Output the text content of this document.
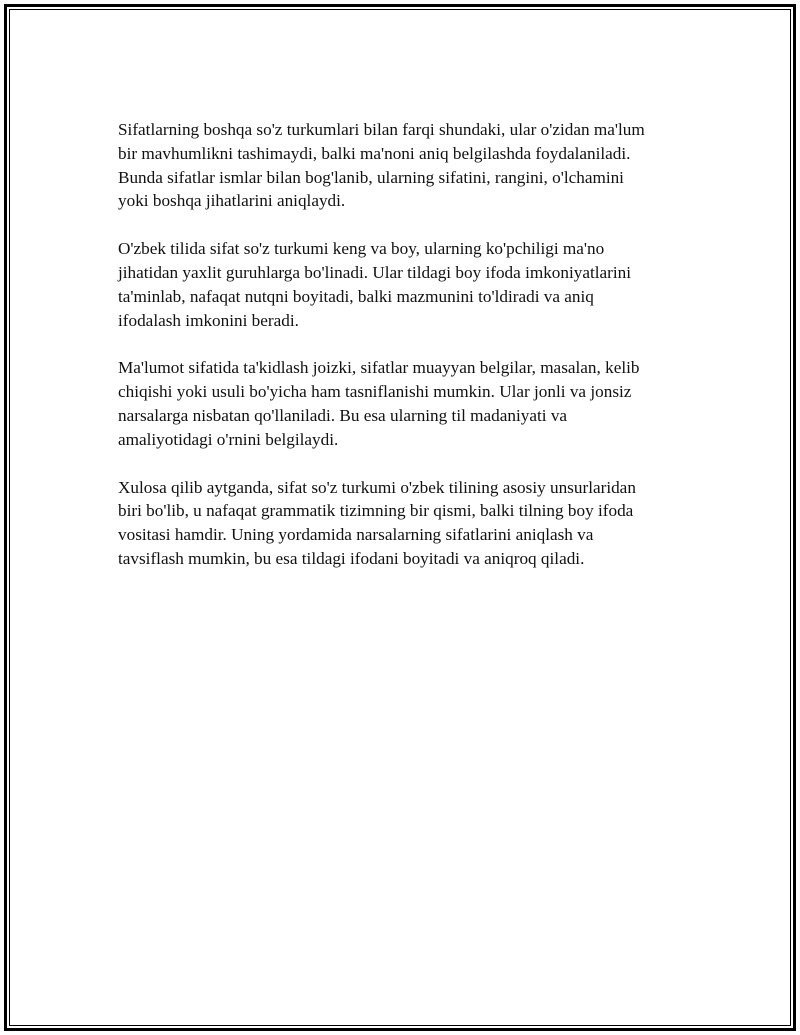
Sifatlarning boshqa so'z turkumlari bilan farqi shundaki, ular o'zidan ma'lum
bir mavhumlikni tashimaydi, balki ma'noni aniq belgilashda foydalaniladi.
Bunda sifatlar ismlar bilan bog'lanib, ularning sifatini, rangini, o'lchamini
yoki boshqa jihatlarini aniqlaydi.

O'zbek tilida sifat so'z turkumi keng va boy, ularning ko'pchiligi ma'no
jihatidan yaxlit guruhlarga bo'linadi. Ular tildagi boy ifoda imkoniyatlarini
ta'minlab, nafaqat nutqni boyitadi, balki mazmunini to'ldiradi va aniq
ifodalash imkonini beradi.

Ma'lumot sifatida ta'kidlash joizki, sifatlar muayyan belgilar, masalan, kelib
chiqishi yoki usuli bo'yicha ham tasniflanishi mumkin. Ular jonli va jonsiz
narsalarga nisbatan qo'llaniladi. Bu esa ularning til madaniyati va
amaliyotidagi o'rnini belgilaydi.

Xulosa qilib aytganda, sifat so'z turkumi o'zbek tilining asosiy unsurlaridan
biri bo'lib, u nafaqat grammatik tizimning bir qismi, balki tilning boy ifoda
vositasi hamdir. Uning yordamida narsalarning sifatlarini aniqlash va
tavsiflash mumkin, bu esa tildagi ifodani boyitadi va aniqroq qiladi.
